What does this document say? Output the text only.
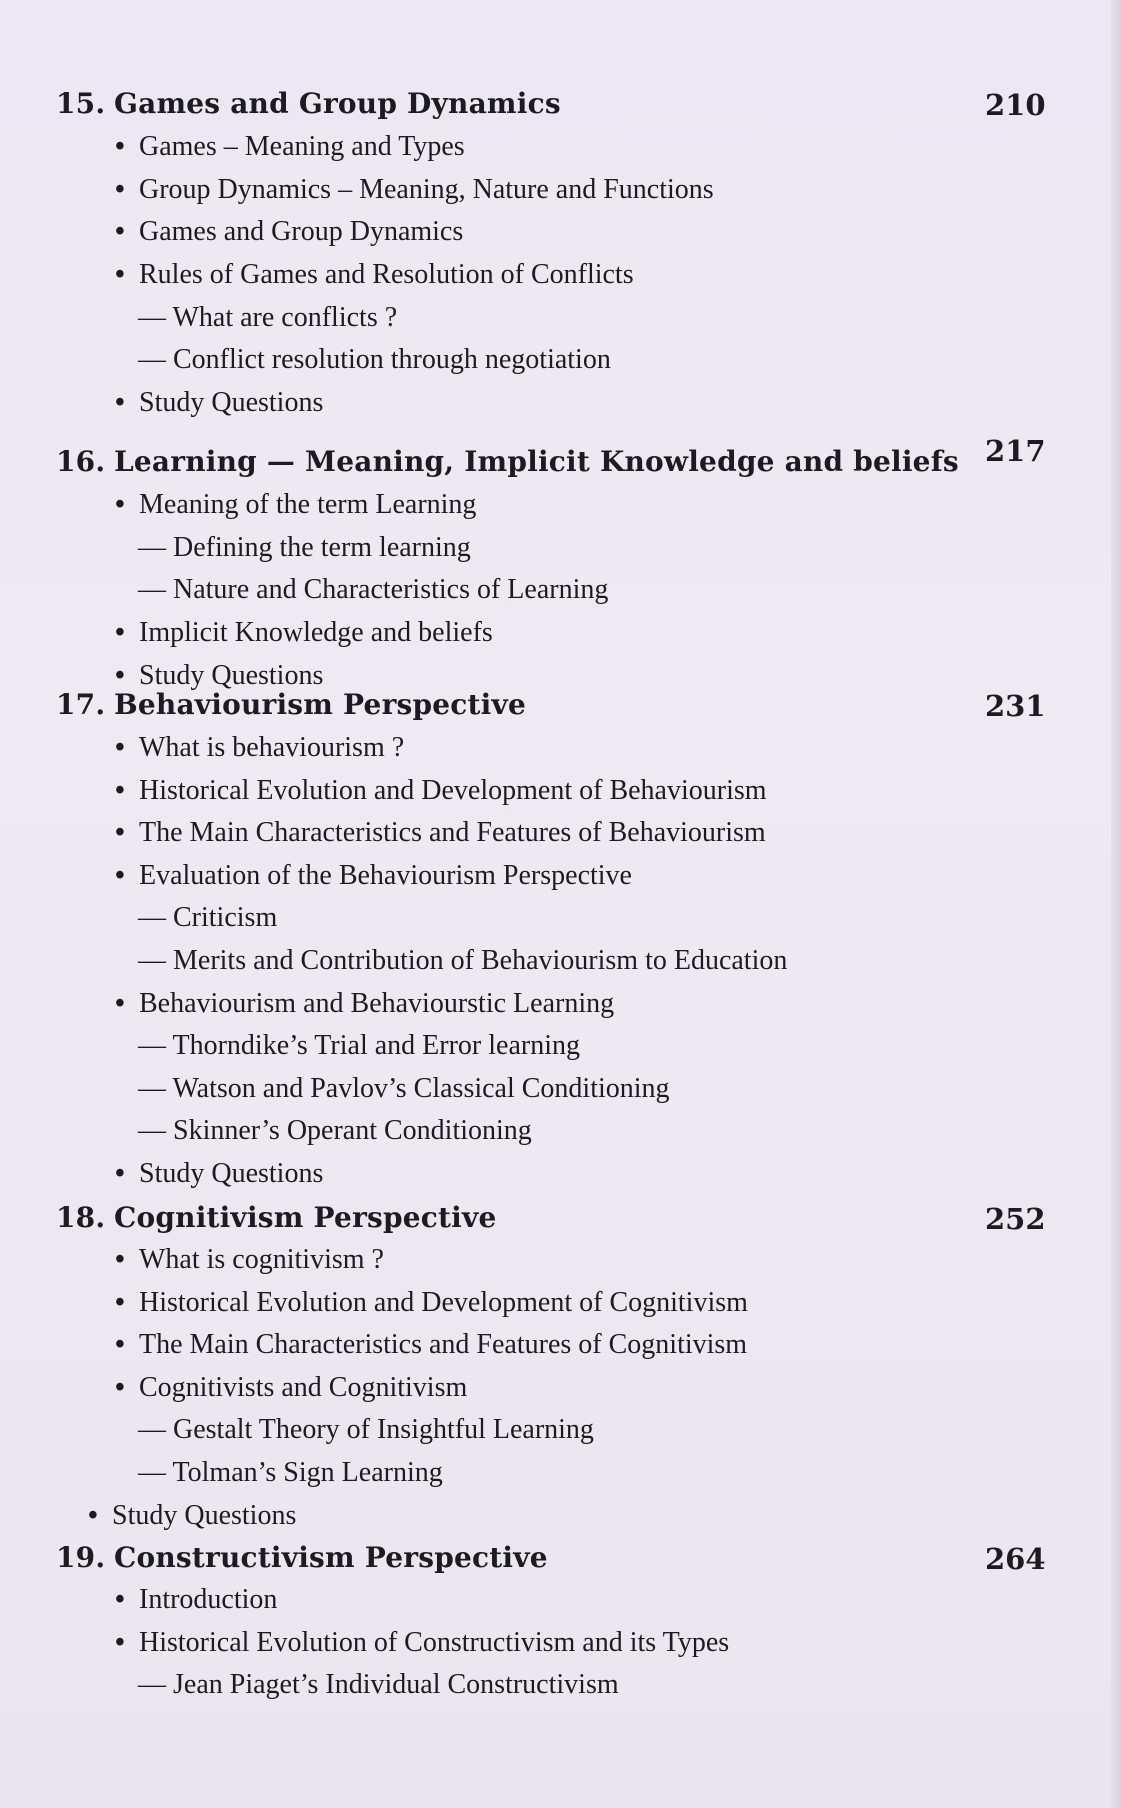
15. Games and Group Dynamics	210
• Games – Meaning and Types
• Group Dynamics – Meaning, Nature and Functions
• Games and Group Dynamics
• Rules of Games and Resolution of Conflicts
— What are conflicts ?
— Conflict resolution through negotiation
• Study Questions
16. Learning — Meaning, Implicit Knowledge and beliefs 217
• Meaning of the term Learning
— Defining the term learning
— Nature and Characteristics of Learning
• Implicit Knowledge and beliefs
• Study Questions
17. Behaviourism Perspective	231
• What is behaviourism ?
• Historical Evolution and Development of Behaviourism
• The Main Characteristics and Features of Behaviourism
• Evaluation of the Behaviourism Perspective
— Criticism
— Merits and Contribution of Behaviourism to Education
• Behaviourism and Behaviourstic Learning
— Thorndike’s Trial and Error learning
— Watson and Pavlov’s Classical Conditioning
— Skinner’s Operant Conditioning
• Study Questions
18. Cognitivism Perspective	252
• What is cognitivism ?
• Historical Evolution and Development of Cognitivism
• The Main Characteristics and Features of Cognitivism
• Cognitivists and Cognitivism
— Gestalt Theory of Insightful Learning
— Tolman’s Sign Learning
• Study Questions
19. Constructivism Perspective	264
• Introduction
• Historical Evolution of Constructivism and its Types
— Jean Piaget’s Individual Constructivism
